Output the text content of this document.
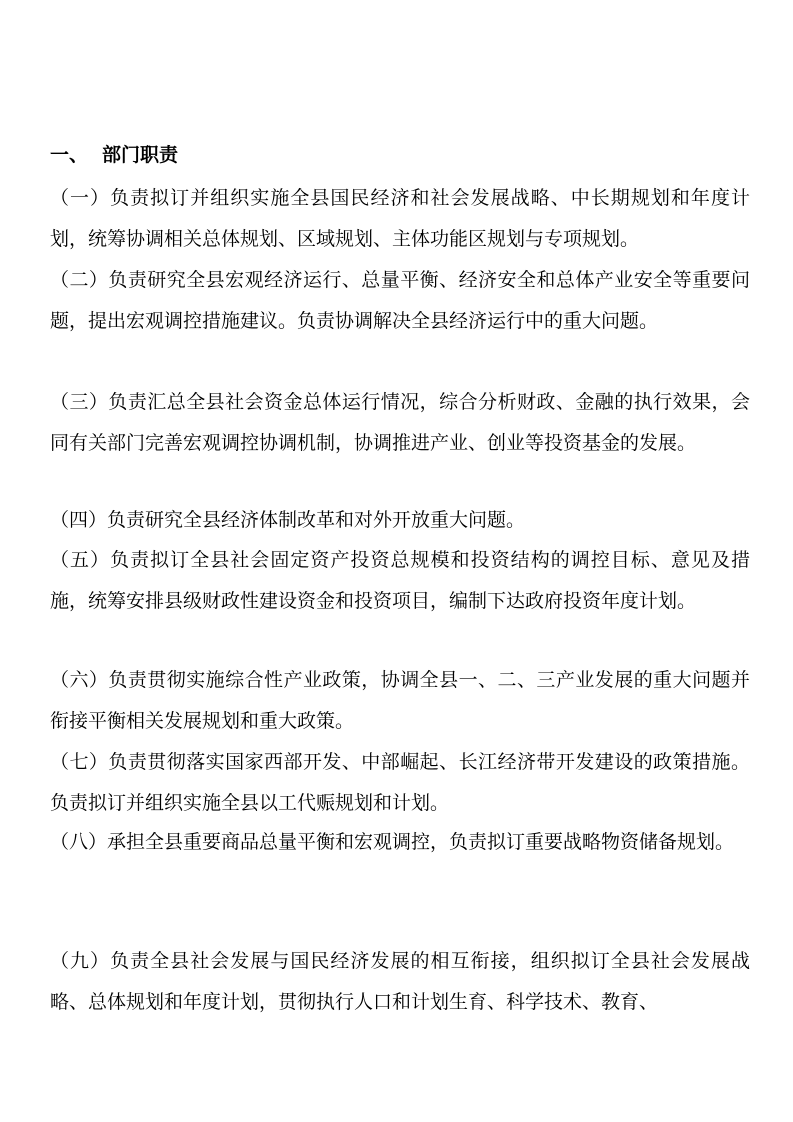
一、 部门职责

（一）负责拟订并组织实施全县国民经济和社会发展战略、中长期规划和年度计划，统筹协调相关总体规划、区域规划、主体功能区规划与专项规划。

（二）负责研究全县宏观经济运行、总量平衡、经济安全和总体产业安全等重要问题，提出宏观调控措施建议。负责协调解决全县经济运行中的重大问题。

（三）负责汇总全县社会资金总体运行情况，综合分析财政、金融的执行效果，会同有关部门完善宏观调控协调机制，协调推进产业、创业等投资基金的发展。

（四）负责研究全县经济体制改革和对外开放重大问题。

（五）负责拟订全县社会固定资产投资总规模和投资结构的调控目标、意见及措施，统筹安排县级财政性建设资金和投资项目，编制下达政府投资年度计划。

（六）负责贯彻实施综合性产业政策，协调全县一、二、三产业发展的重大问题并衔接平衡相关发展规划和重大政策。

（七）负责贯彻落实国家西部开发、中部崛起、长江经济带开发建设的政策措施。负责拟订并组织实施全县以工代赈规划和计划。

（八）承担全县重要商品总量平衡和宏观调控，负责拟订重要战略物资储备规划。

（九）负责全县社会发展与国民经济发展的相互衔接，组织拟订全县社会发展战略、总体规划和年度计划，贯彻执行人口和计划生育、科学技术、教育、
